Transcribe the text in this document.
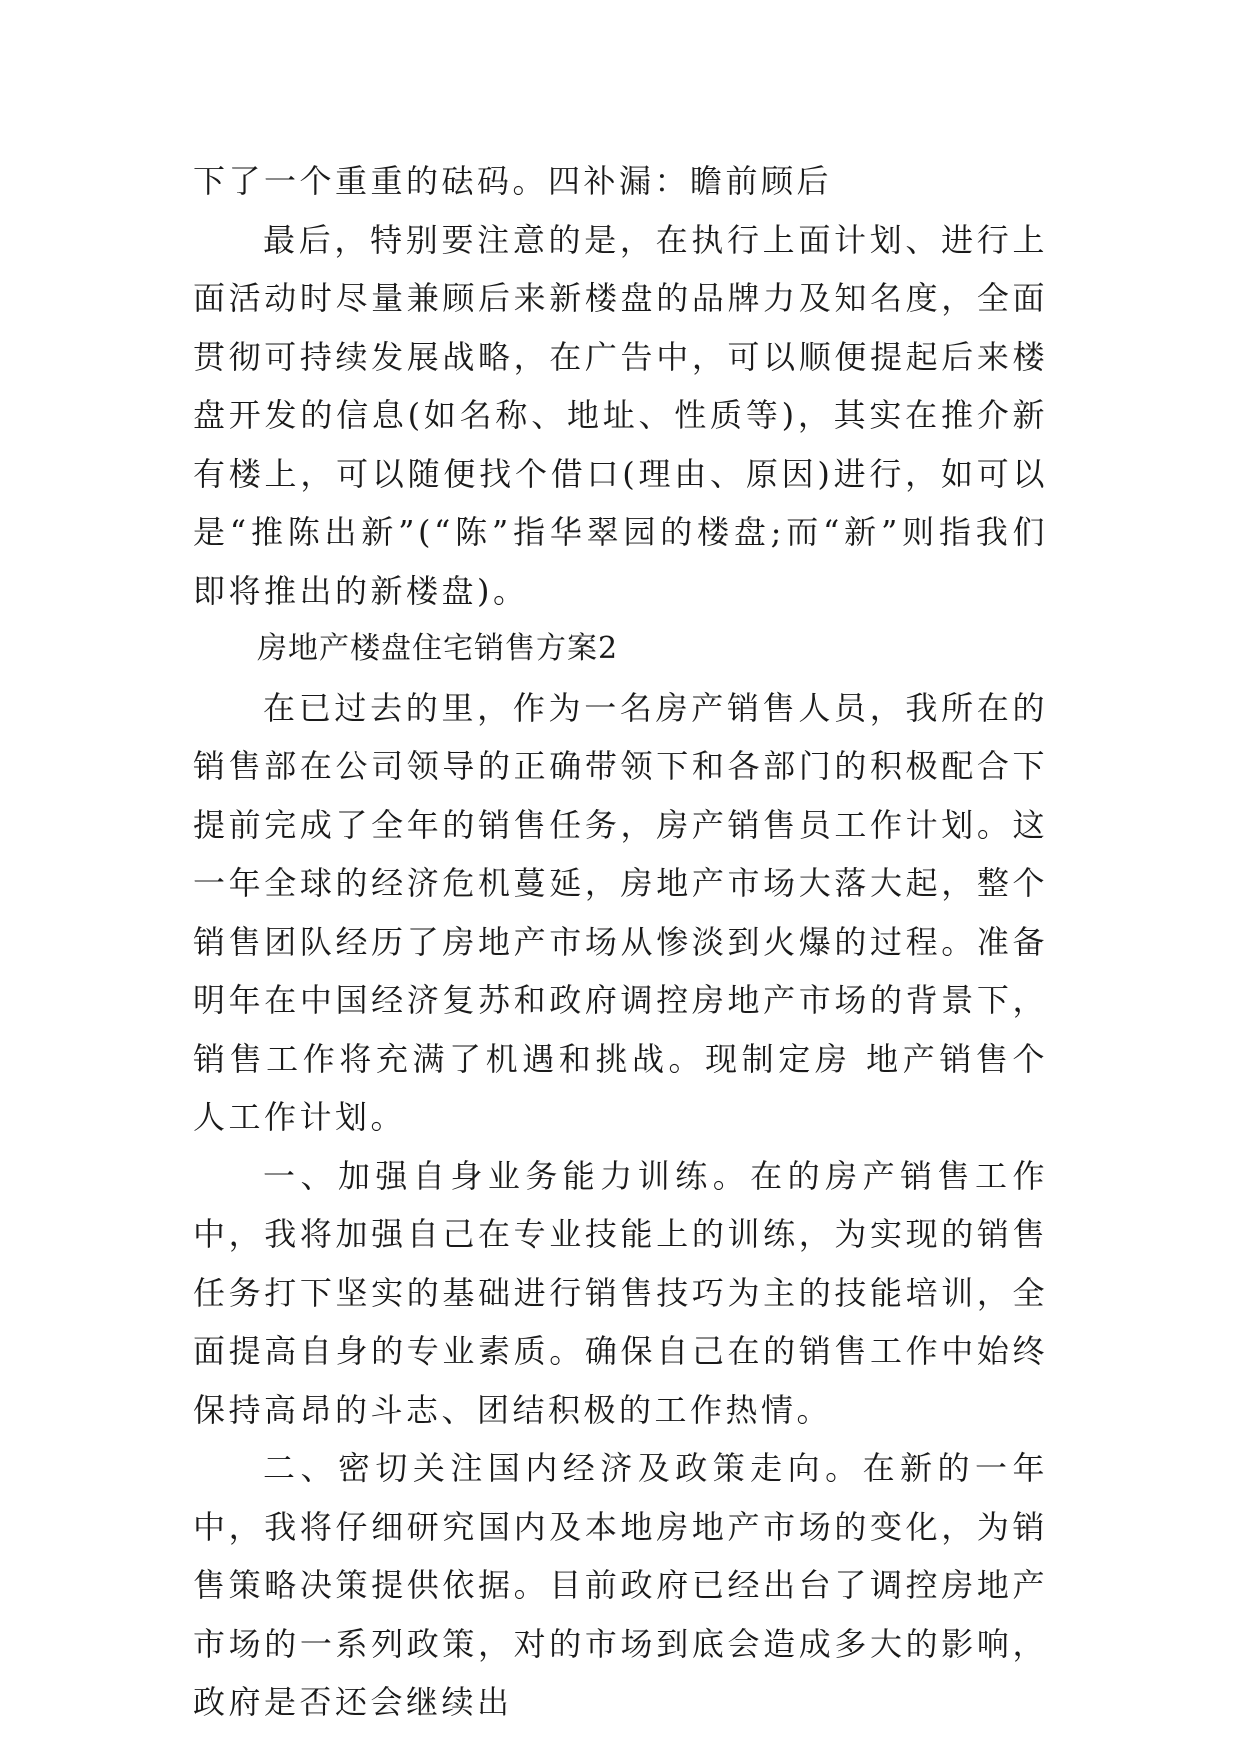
下了一个重重的砝码。四补漏：瞻前顾后

最后，特别要注意的是，在执行上面计划、进行上面活动时尽量兼顾后来新楼盘的品牌力及知名度，全面贯彻可持续发展战略，在广告中，可以顺便提起后来楼盘开发的信息(如名称、地址、性质等)，其实在推介新有楼上，可以随便找个借口(理由、原因)进行，如可以是“推陈出新”(“陈”指华翠园的楼盘;而“新”则指我们即将推出的新楼盘)。

房地产楼盘住宅销售方案2

在已过去的里，作为一名房产销售人员，我所在的销售部在公司领导的正确带领下和各部门的积极配合下提前完成了全年的销售任务，房产销售员工作计划。这一年全球的经济危机蔓延，房地产市场大落大起，整个销售团队经历了房地产市场从惨淡到火爆的过程。准备明年在中国经济复苏和政府调控房地产市场的背景下，销售工作将充满了机遇和挑战。现制定房 地产销售个人工作计划。

一、加强自身业务能力训练。在的房产销售工作中，我将加强自己在专业技能上的训练，为实现的销售任务打下坚实的基础进行销售技巧为主的技能培训，全面提高自身的专业素质。确保自己在的销售工作中始终保持高昂的斗志、团结积极的工作热情。

二、密切关注国内经济及政策走向。在新的一年中，我将仔细研究国内及本地房地产市场的变化，为销售策略决策提供依据。目前政府已经出台了调控房地产市场的一系列政策，对的市场到底会造成多大的影响，政府是否还会继续出
